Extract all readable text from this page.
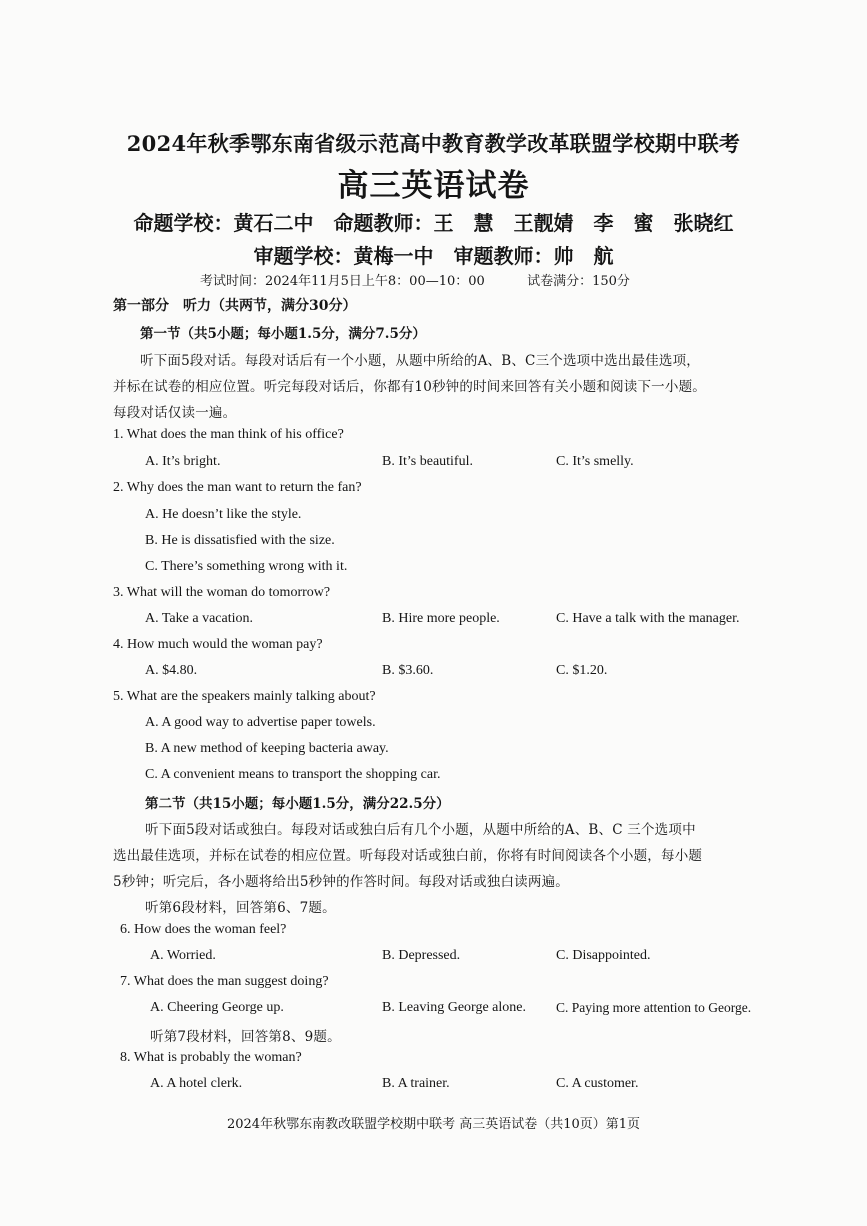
2024年秋季鄂东南省级示范高中教育教学改革联盟学校期中联考
高三英语试卷
命题学校：黄石二中　命题教师：王　慧　王靓婧　李　蜜　张晓红
审题学校：黄梅一中　审题教师：帅　航
考试时间：2024年11月5日上午8：00—10：00	试卷满分：150分
第一部分　听力（共两节，满分30分）
第一节（共5小题；每小题1.5分，满分7.5分）
听下面5段对话。每段对话后有一个小题，从题中所给的A、B、C三个选项中选出最佳选项，
并标在试卷的相应位置。听完每段对话后，你都有10秒钟的时间来回答有关小题和阅读下一小题。
每段对话仅读一遍。
1. What does the man think of his office?
A. It’s bright.	B. It’s beautiful.	C. It’s smelly.
2. Why does the man want to return the fan?
A. He doesn’t like the style.
B. He is dissatisfied with the size.
C. There’s something wrong with it.
3. What will the woman do tomorrow?
A. Take a vacation.	B. Hire more people.	C. Have a talk with the manager.
4. How much would the woman pay?
A. $4.80.	B. $3.60.	C. $1.20.
5. What are the speakers mainly talking about?
A. A good way to advertise paper towels.
B. A new method of keeping bacteria away.
C. A convenient means to transport the shopping car.
第二节（共15小题；每小题1.5分，满分22.5分）
听下面5段对话或独白。每段对话或独白后有几个小题，从题中所给的A、B、C 三个选项中
选出最佳选项，并标在试卷的相应位置。听每段对话或独白前，你将有时间阅读各个小题，每小题
5秒钟；听完后，各小题将给出5秒钟的作答时间。每段对话或独白读两遍。
听第6段材料，回答第6、7题。
6. How does the woman feel?
A. Worried.	B. Depressed.	C. Disappointed.
7. What does the man suggest doing?
A. Cheering George up.	B. Leaving George alone. C. Paying more attention to George.
听第7段材料，回答第8、9题。
8. What is probably the woman?
A. A hotel clerk.	B. A trainer.	C. A customer.
2024年秋鄂东南教改联盟学校期中联考 高三英语试卷（共10页）第1页
